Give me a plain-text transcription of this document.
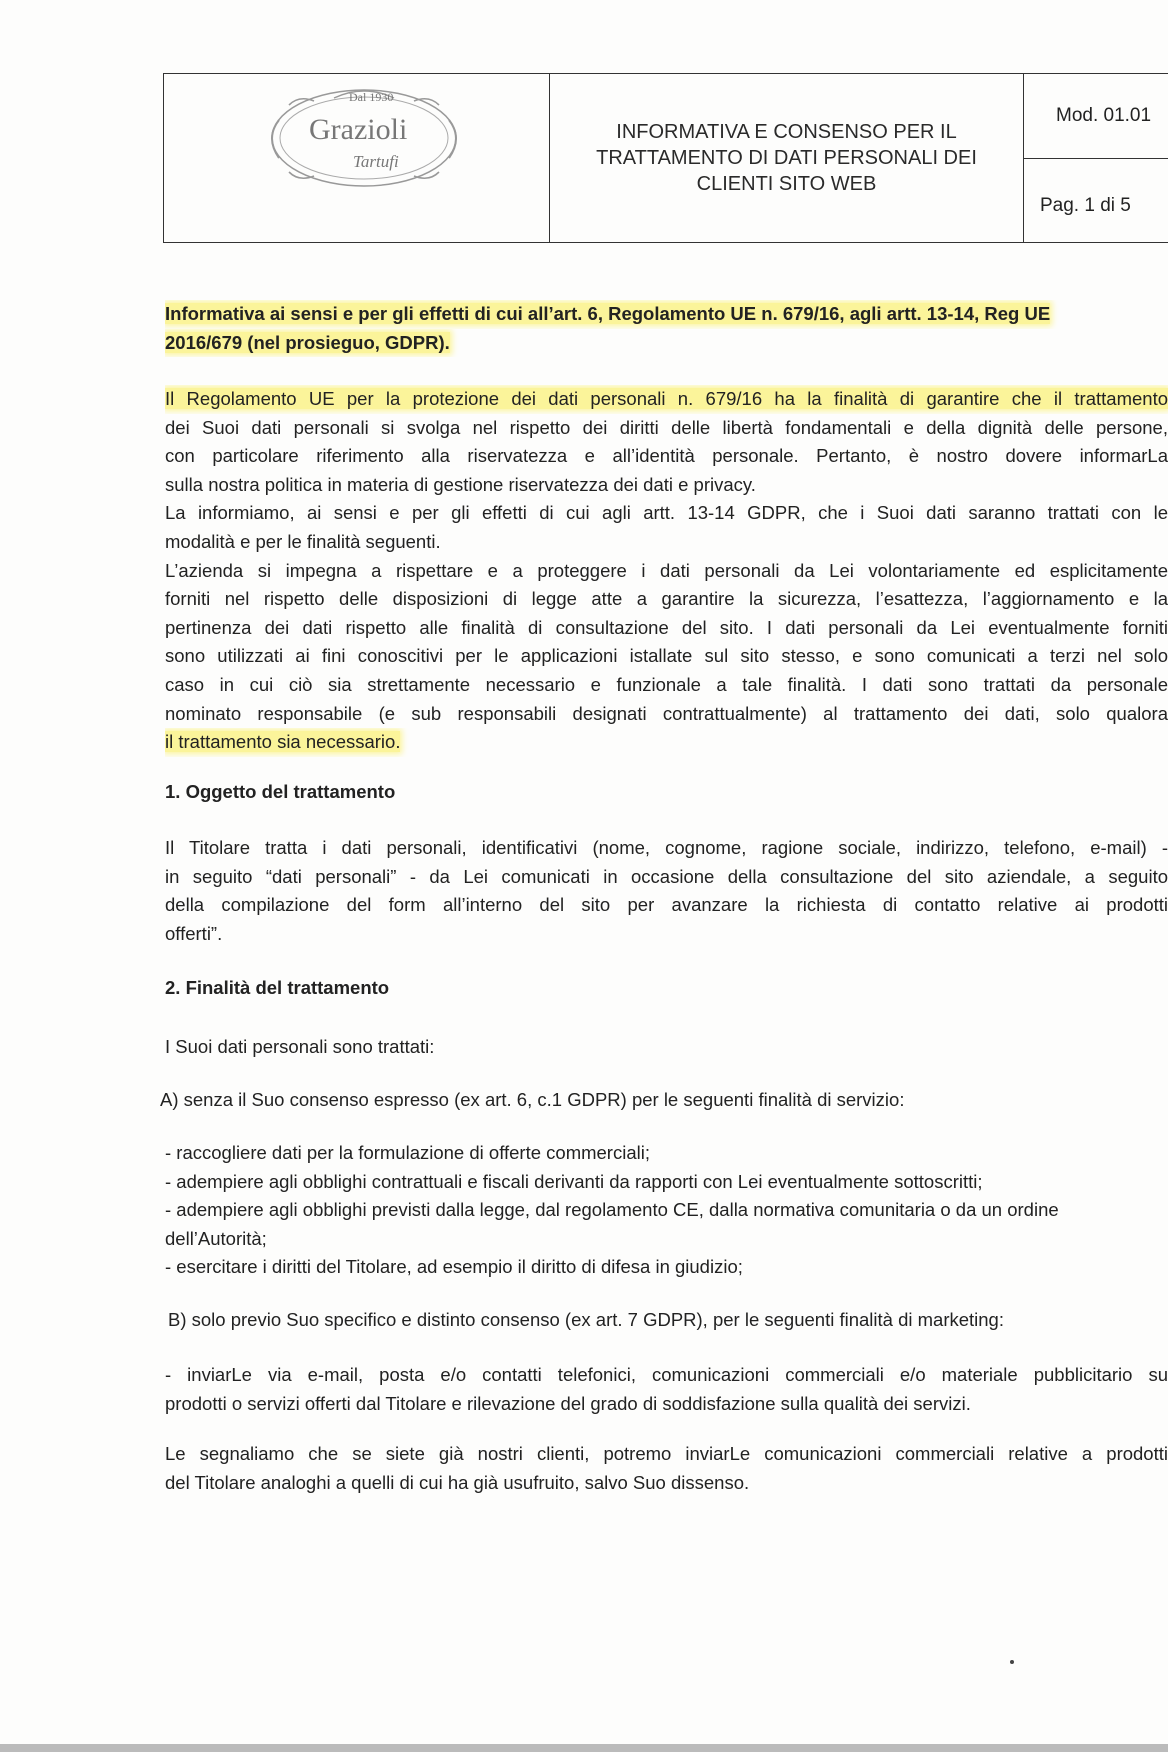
Dal 1930
Grazioli
Tartufi
INFORMATIVA E CONSENSO PER IL TRATTAMENTO DI DATI PERSONALI DEI CLIENTI SITO WEB
Mod. 01.01
Pag. 1 di 5
Informativa ai sensi e per gli effetti di cui all’art. 6, Regolamento UE n. 679/16, agli artt. 13-14, Reg UE
2016/679 (nel prosieguo, GDPR).
Il Regolamento UE per la protezione dei dati personali n. 679/16 ha la finalità di garantire che il trattamento
dei Suoi dati personali si svolga nel rispetto dei diritti delle libertà fondamentali e della dignità delle persone,
con particolare riferimento alla riservatezza e all’identità personale. Pertanto, è nostro dovere informarLa
sulla nostra politica in materia di gestione riservatezza dei dati e privacy.
La informiamo, ai sensi e per gli effetti di cui agli artt. 13-14 GDPR, che i Suoi dati saranno trattati con le
modalità e per le finalità seguenti.
L’azienda si impegna a rispettare e a proteggere i dati personali da Lei volontariamente ed esplicitamente
forniti nel rispetto delle disposizioni di legge atte a garantire la sicurezza, l’esattezza, l’aggiornamento e la
pertinenza dei dati rispetto alle finalità di consultazione del sito. I dati personali da Lei eventualmente forniti
sono utilizzati ai fini conoscitivi per le applicazioni istallate sul sito stesso, e sono comunicati a terzi nel solo
caso in cui ciò sia strettamente necessario e funzionale a tale finalità. I dati sono trattati da personale
nominato responsabile (e sub responsabili designati contrattualmente) al trattamento dei dati, solo qualora
il trattamento sia necessario.
1. Oggetto del trattamento
Il Titolare tratta i dati personali, identificativi (nome, cognome, ragione sociale, indirizzo, telefono, e-mail) -
in seguito “dati personali” - da Lei comunicati in occasione della consultazione del sito aziendale, a seguito
della compilazione del form all’interno del sito per avanzare la richiesta di contatto relative ai prodotti
offerti”.
2. Finalità del trattamento
I Suoi dati personali sono trattati:
A) senza il Suo consenso espresso (ex art. 6, c.1 GDPR) per le seguenti finalità di servizio:
- raccogliere dati per la formulazione di offerte commerciali;
- adempiere agli obblighi contrattuali e fiscali derivanti da rapporti con Lei eventualmente sottoscritti;
- adempiere agli obblighi previsti dalla legge, dal regolamento CE, dalla normativa comunitaria o da un ordine
dell’Autorità;
- esercitare i diritti del Titolare, ad esempio il diritto di difesa in giudizio;
B) solo previo Suo specifico e distinto consenso (ex art. 7 GDPR), per le seguenti finalità di marketing:
- inviarLe via e-mail, posta e/o contatti telefonici, comunicazioni commerciali e/o materiale pubblicitario su
prodotti o servizi offerti dal Titolare e rilevazione del grado di soddisfazione sulla qualità dei servizi.
Le segnaliamo che se siete già nostri clienti, potremo inviarLe comunicazioni commerciali relative a prodotti
del Titolare analoghi a quelli di cui ha già usufruito, salvo Suo dissenso.
